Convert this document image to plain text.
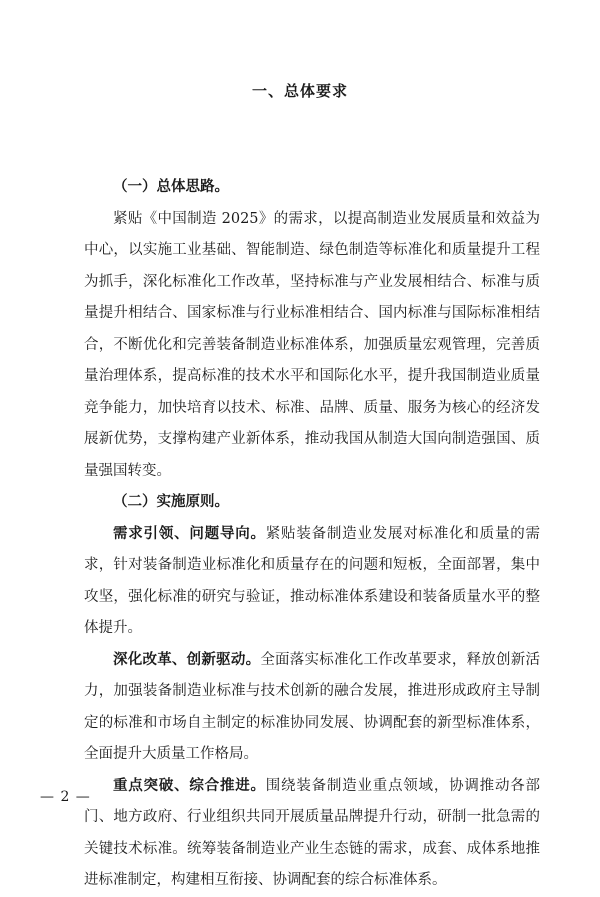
一、总体要求

（一）总体思路。

紧贴《中国制造 2025》的需求，以提高制造业发展质量和效益为中心，以实施工业基础、智能制造、绿色制造等标准化和质量提升工程为抓手，深化标准化工作改革，坚持标准与产业发展相结合、标准与质量提升相结合、国家标准与行业标准相结合、国内标准与国际标准相结合，不断优化和完善装备制造业标准体系，加强质量宏观管理，完善质量治理体系，提高标准的技术水平和国际化水平，提升我国制造业质量竞争能力，加快培育以技术、标准、品牌、质量、服务为核心的经济发展新优势，支撑构建产业新体系，推动我国从制造大国向制造强国、质量强国转变。

（二）实施原则。

需求引领、问题导向。紧贴装备制造业发展对标准化和质量的需求，针对装备制造业标准化和质量存在的问题和短板，全面部署，集中攻坚，强化标准的研究与验证，推动标准体系建设和装备质量水平的整体提升。

深化改革、创新驱动。全面落实标准化工作改革要求，释放创新活力，加强装备制造业标准与技术创新的融合发展，推进形成政府主导制定的标准和市场自主制定的标准协同发展、协调配套的新型标准体系，全面提升大质量工作格局。

重点突破、综合推进。围绕装备制造业重点领域，协调推动各部门、地方政府、行业组织共同开展质量品牌提升行动，研制一批急需的关键技术标准。统筹装备制造业产业生态链的需求，成套、成体系地推进标准制定，构建相互衔接、协调配套的综合标准体系。

— 2 —
